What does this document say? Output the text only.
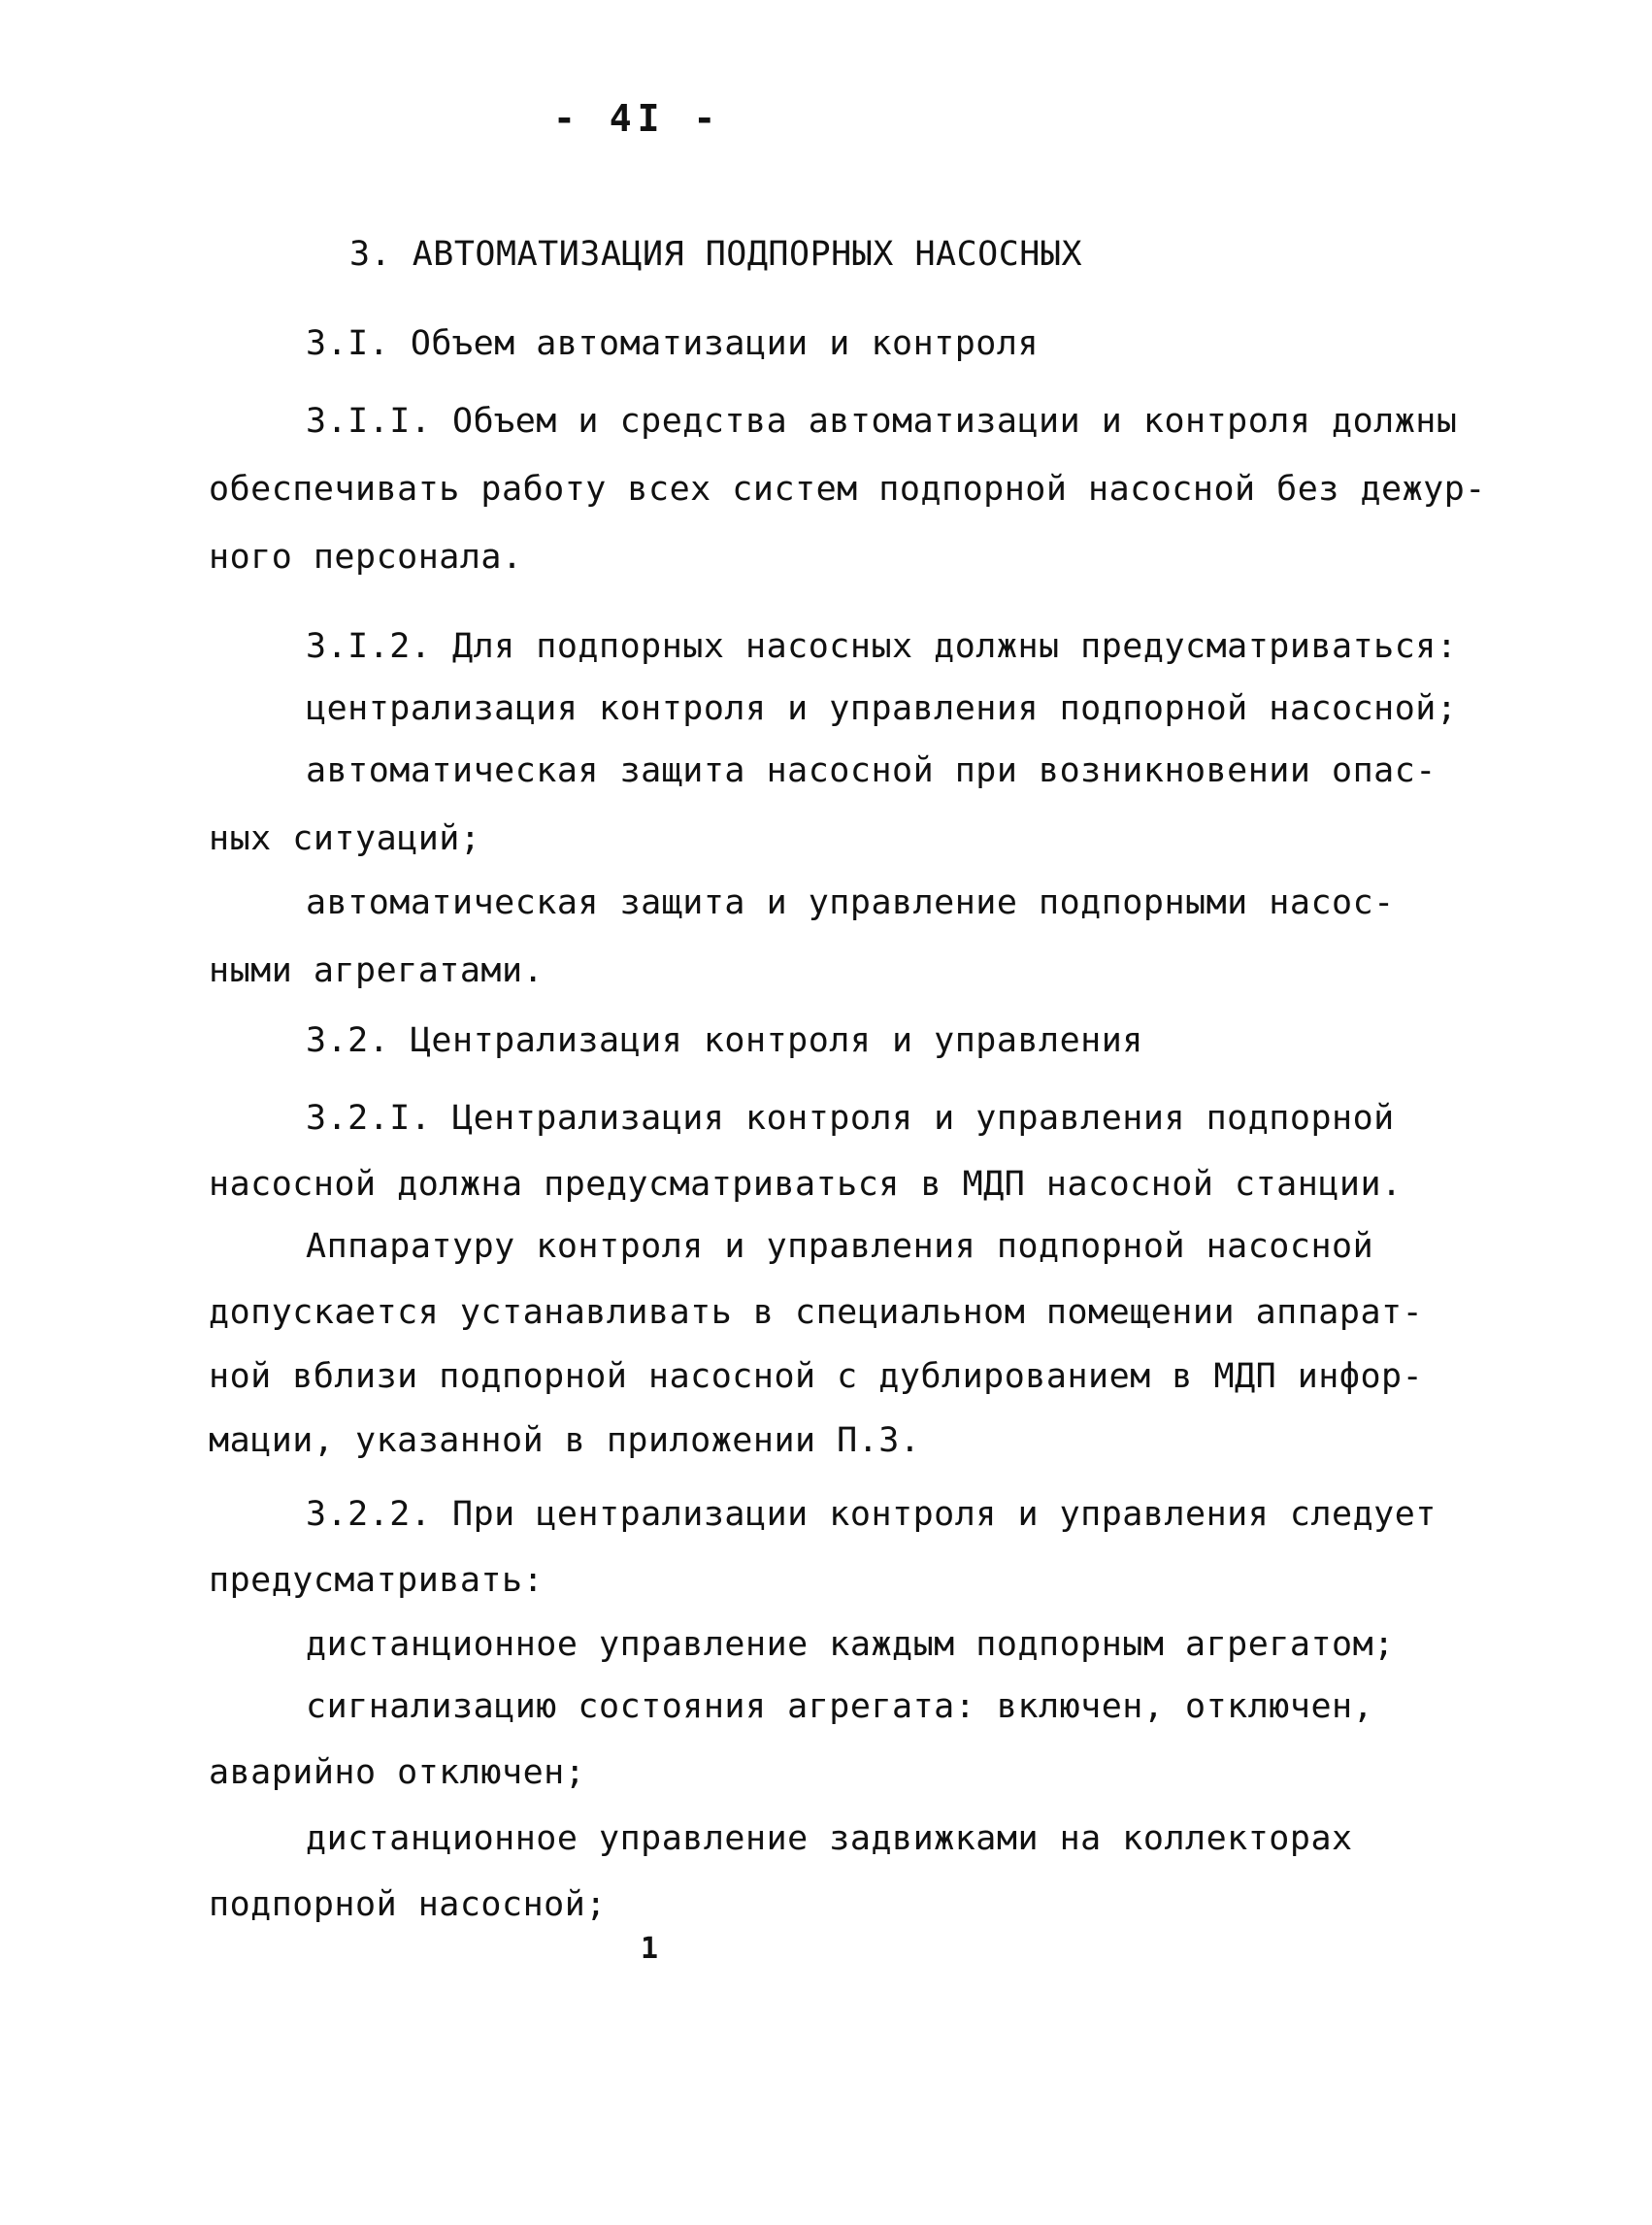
- 4I -
3. АВТОМАТИЗАЦИЯ ПОДПОРНЫХ НАСОСНЫХ
3.I. Объем автоматизации и контроля
3.I.I. Объем и средства автоматизации и контроля должны
обеспечивать работу всех систем подпорной насосной без дежур-
ного персонала.
3.I.2. Для подпорных насосных должны предусматриваться:
централизация контроля и управления подпорной насосной;
автоматическая защита насосной при возникновении опас-
ных ситуаций;
автоматическая защита и управление подпорными насос-
ными агрегатами.
3.2. Централизация контроля и управления
3.2.I. Централизация контроля и управления подпорной
насосной должна предусматриваться в МДП насосной станции.
Аппаратуру контроля и управления подпорной насосной
допускается устанавливать в специальном помещении аппарат-
ной вблизи подпорной насосной с дублированием в МДП инфор-
мации, указанной в приложении П.3.
3.2.2. При централизации контроля и управления следует
предусматривать:
дистанционное управление каждым подпорным агрегатом;
сигнализацию состояния агрегата: включен, отключен,
аварийно отключен;
дистанционное управление задвижками на коллекторах
подпорной насосной;
1
